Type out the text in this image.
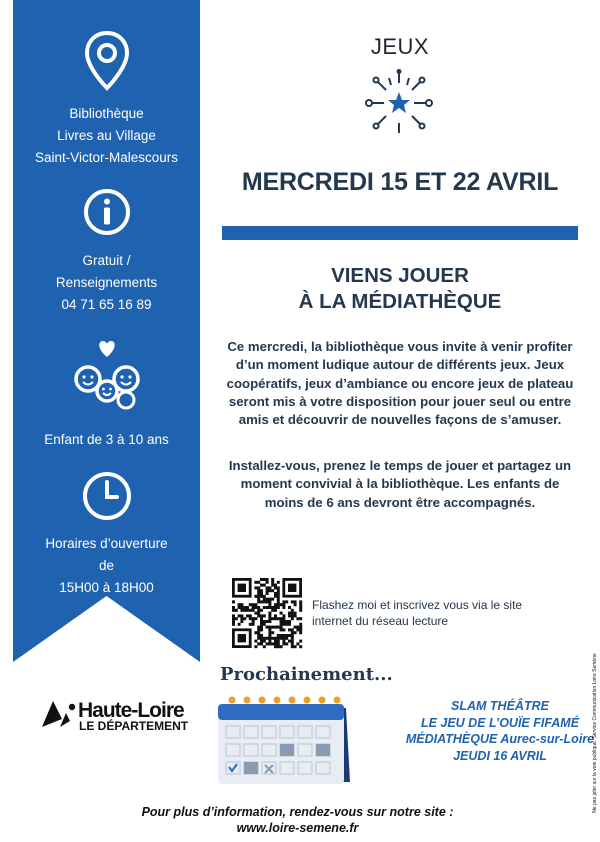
Bibliothèque
Livres au Village
Saint-Victor-Malescours
Gratuit /
Renseignements
04 71 65 16 89
Enfant de 3 à 10 ans
Horaires d’ouverture
de
15H00 à 18H00
JEUX
MERCREDI 15 ET 22 AVRIL
VIENS JOUER
À LA MÉDIATHÈQUE
Ce mercredi, la bibliothèque vous invite à venir profiter d’un moment ludique autour de différents jeux. Jeux coopératifs, jeux d’ambiance ou encore jeux de plateau seront mis à votre disposition pour jouer seul ou entre amis et découvrir de nouvelles façons de s’amuser.
Installez-vous, prenez le temps de jouer et partagez un moment convivial à la bibliothèque. Les enfants de moins de 6 ans devront être accompagnés.
Flashez moi et inscrivez vous via le site internet du réseau lecture
Prochainement...
SLAM THÉÂTRE
LE JEU DE L’OUÏE FIFAMÉ
MÉDIATHÈQUE Aurec-sur-Loire
JEUDI 16 AVRIL
Haute-Loire
LE DÉPARTEMENT
Pour plus d’information, rendez-vous sur notre site :
www.loire-semene.fr
Ne pas jeter sur la voie publique. Service Communication Loire Semène
